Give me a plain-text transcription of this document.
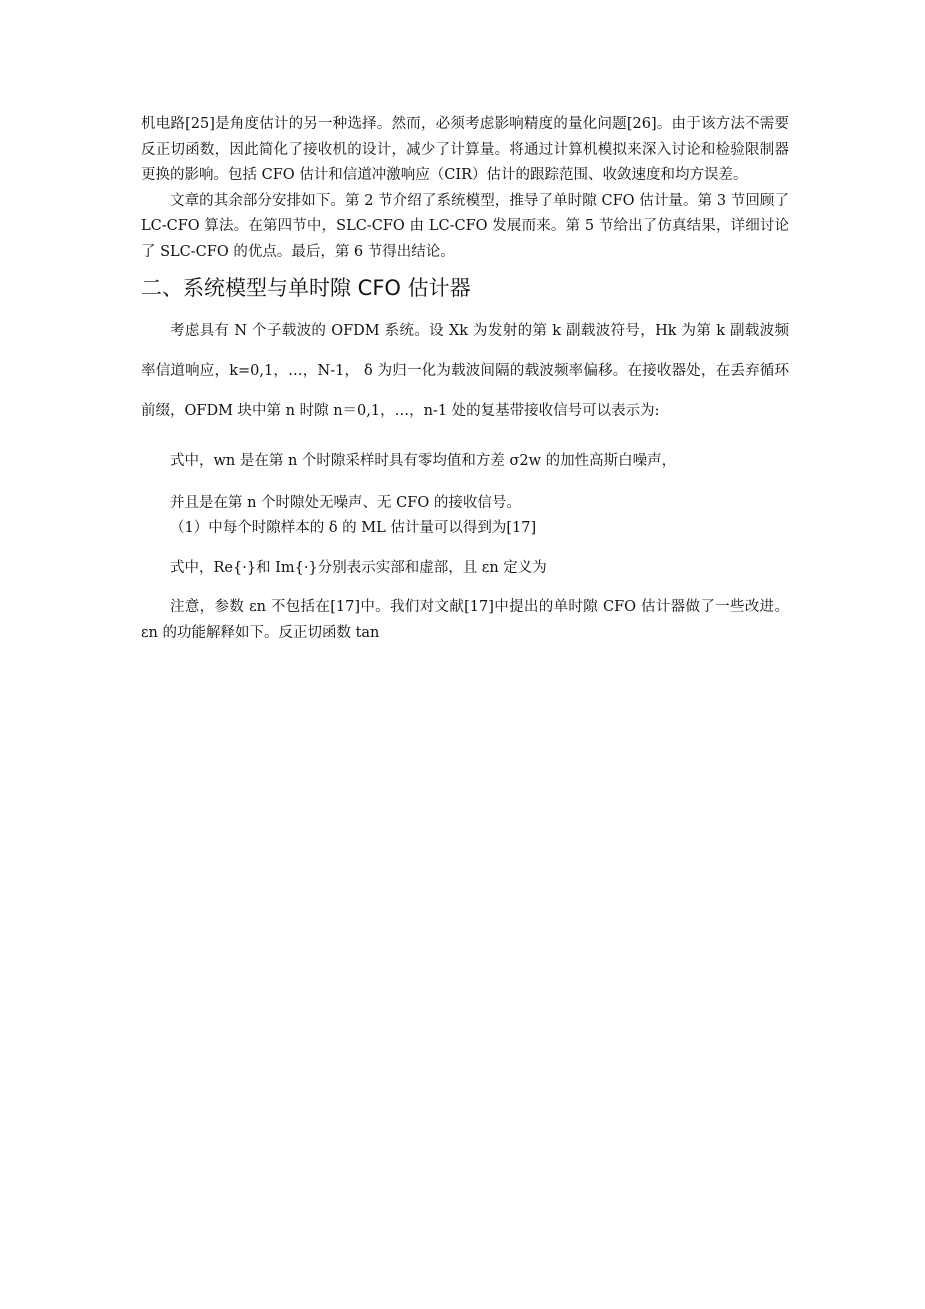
机电路[25]是角度估计的另一种选择。然而，必须考虑影响精度的量化问题[26]。由于该方法不需要反正切函数，因此简化了接收机的设计，减少了计算量。将通过计算机模拟来深入讨论和检验限制器更换的影响。包括 CFO 估计和信道冲激响应（CIR）估计的跟踪范围、收敛速度和均方误差。

文章的其余部分安排如下。第 2 节介绍了系统模型，推导了单时隙 CFO 估计量。第 3 节回顾了 LC-CFO 算法。在第四节中，SLC-CFO 由 LC-CFO 发展而来。第 5 节给出了仿真结果，详细讨论了 SLC-CFO 的优点。最后，第 6 节得出结论。

二、系统模型与单时隙 CFO 估计器

考虑具有 N 个子载波的 OFDM 系统。设 Xk 为发射的第 k 副载波符号，Hk 为第 k 副载波频率信道响应，k=0,1，…，N-1， δ 为归一化为载波间隔的载波频率偏移。在接收器处，在丢弃循环前缀，OFDM 块中第 n 时隙 n＝0,1，…，n-1 处的复基带接收信号可以表示为:

式中，wn 是在第 n 个时隙采样时具有零均值和方差 σ2w 的加性高斯白噪声，

并且是在第 n 个时隙处无噪声、无 CFO 的接收信号。

（1）中每个时隙样本的 δ 的 ML 估计量可以得到为[17]

式中，Re{·}和 Im{·}分别表示实部和虚部，且 εn 定义为

注意，参数 εn 不包括在[17]中。我们对文献[17]中提出的单时隙 CFO 估计器做了一些改进。εn 的功能解释如下。反正切函数 tan
